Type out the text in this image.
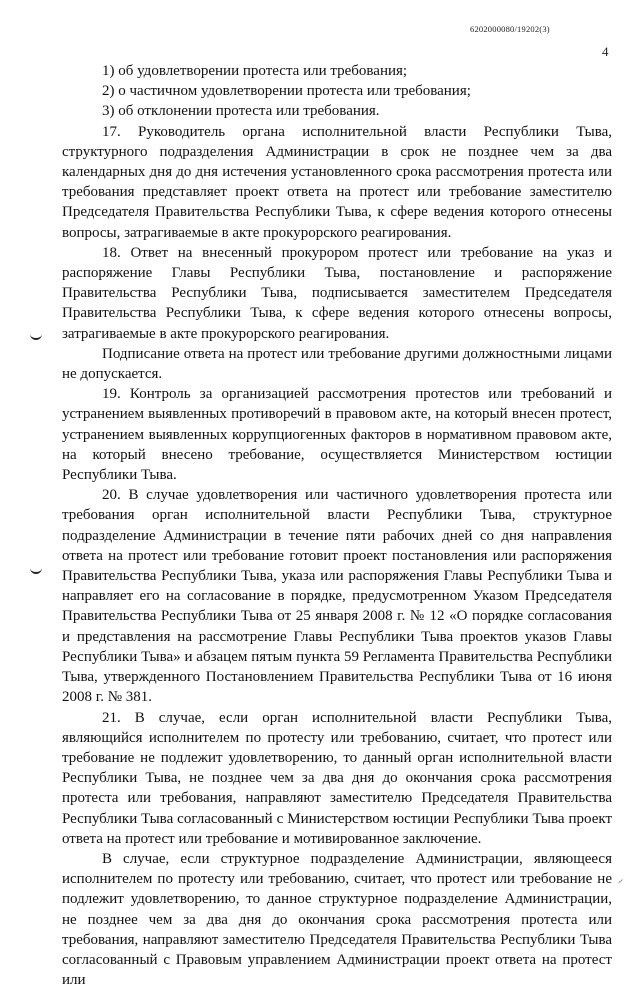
6202000080/19202(3)
4

1) об удовлетворении протеста или требования;

2) о частичном удовлетворении протеста или требования;

3) об отклонении протеста или требования.

17. Руководитель органа исполнительной власти Республики Тыва, структурного подразделения Администрации в срок не позднее чем за два календарных дня до дня истечения установленного срока рассмотрения протеста или требования представляет проект ответа на протест или требование заместителю Председателя Правительства Республики Тыва, к сфере ведения которого отнесены вопросы, затрагиваемые в акте прокурорского реагирования.

18. Ответ на внесенный прокурором протест или требование на указ и распоряжение Главы Республики Тыва, постановление и распоряжение Правительства Республики Тыва, подписывается заместителем Председателя Правительства Республики Тыва, к сфере ведения которого отнесены вопросы, затрагиваемые в акте прокурорского реагирования.

Подписание ответа на протест или требование другими должностными лицами не допускается.

19. Контроль за организацией рассмотрения протестов или требований и устранением выявленных противоречий в правовом акте, на который внесен протест, устранением выявленных коррупциогенных факторов в нормативном правовом акте, на который внесено требование, осуществляется Министерством юстиции Республики Тыва.

20. В случае удовлетворения или частичного удовлетворения протеста или требования орган исполнительной власти Республики Тыва, структурное подразделение Администрации в течение пяти рабочих дней со дня направления ответа на протест или требование готовит проект постановления или распоряжения Правительства Республики Тыва, указа или распоряжения Главы Республики Тыва и направляет его на согласование в порядке, предусмотренном Указом Председателя Правительства Республики Тыва от 25 января 2008 г. № 12 «О порядке согласования и представления на рассмотрение Главы Республики Тыва проектов указов Главы Республики Тыва» и абзацем пятым пункта 59 Регламента Правительства Республики Тыва, утвержденного Постановлением Правительства Республики Тыва от 16 июня 2008 г. № 381.

21. В случае, если орган исполнительной власти Республики Тыва, являющийся исполнителем по протесту или требованию, считает, что протест или требование не подлежит удовлетворению, то данный орган исполнительной власти Республики Тыва, не позднее чем за два дня до окончания срока рассмотрения протеста или требования, направляют заместителю Председателя Правительства Республики Тыва согласованный с Министерством юстиции Республики Тыва проект ответа на протест или требование и мотивированное заключение.

В случае, если структурное подразделение Администрации, являющееся исполнителем по протесту или требованию, считает, что протест или требование не подлежит удовлетворению, то данное структурное подразделение Администрации, не позднее чем за два дня до окончания срока рассмотрения протеста или требования, направляют заместителю Председателя Правительства Республики Тыва согласованный с Правовым управлением Администрации проект ответа на протест или

∼
